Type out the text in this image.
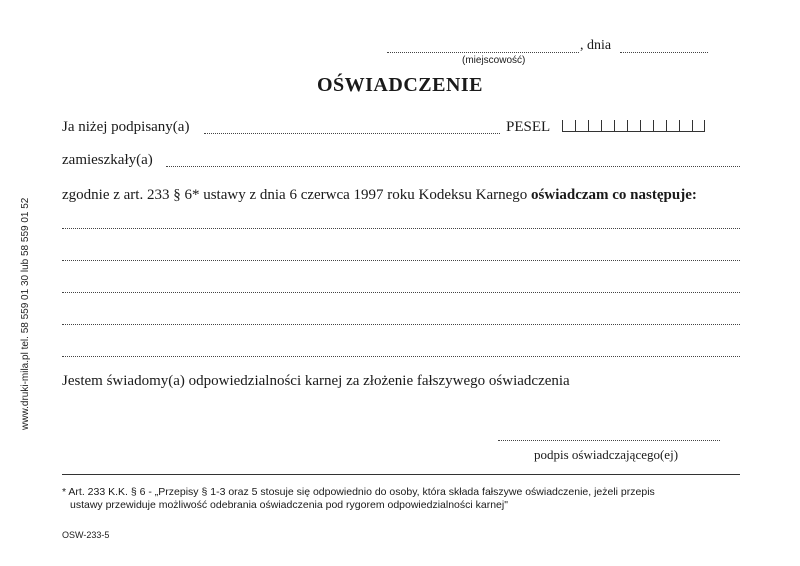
www.druki-mila.pl tel. 58 559 01 30 lub 58 559 01 52
, dnia
(miejscowość)
OŚWIADCZENIE
Ja niżej podpisany(a)	PESEL
zamieszkały(a)
zgodnie z art. 233 § 6* ustawy z dnia 6 czerwca 1997 roku Kodeksu Karnego oświadczam co następuje:
Jestem świadomy(a) odpowiedzialności karnej za złożenie fałszywego oświadczenia
podpis oświadczającego(ej)
* Art. 233 K.K. § 6 - „Przepisy § 1-3 oraz 5 stosuje się odpowiednio do osoby, która składa fałszywe oświadczenie, jeżeli przepis
ustawy przewiduje możliwość odebrania oświadczenia pod rygorem odpowiedzialności karnej"
OSW-233-5
